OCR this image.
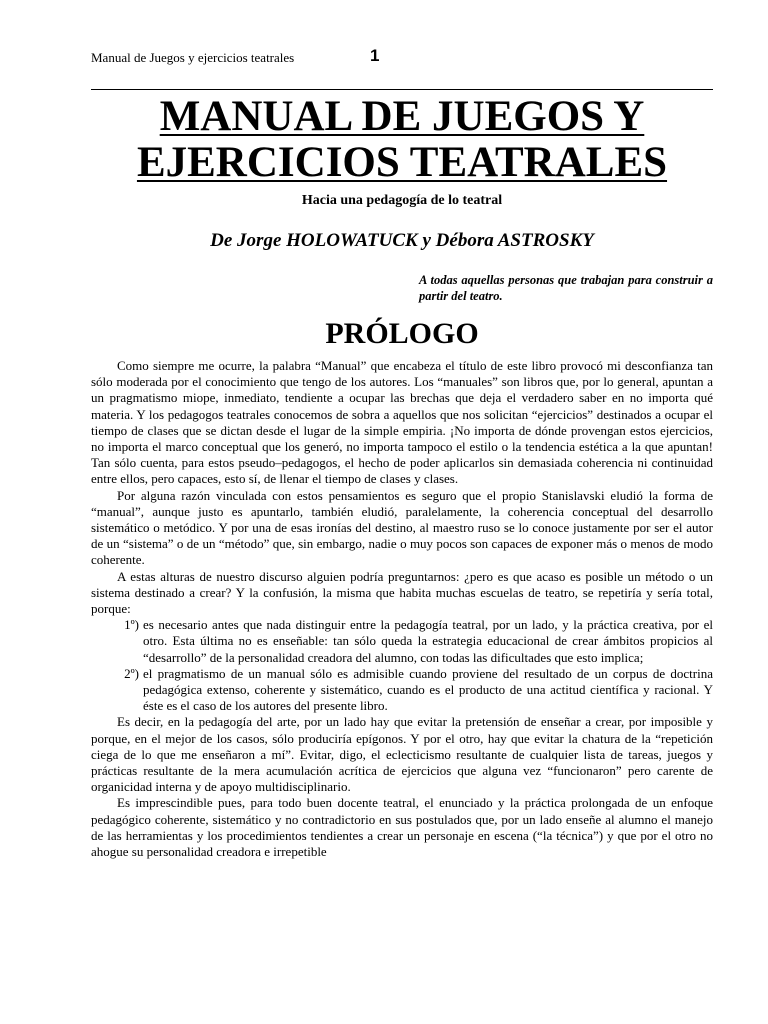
Manual de Juegos y ejercicios teatrales	1
MANUAL DE JUEGOS Y
EJERCICIOS TEATRALES
Hacia una pedagogía de lo teatral
De Jorge HOLOWATUCK y Débora ASTROSKY
A todas aquellas personas que trabajan para construir a partir del teatro.
PRÓLOGO

Como siempre me ocurre, la palabra “Manual” que encabeza el título de este libro provocó mi desconfianza tan sólo moderada por el conocimiento que tengo de los autores. Los “manuales” son libros que, por lo general, apuntan a un pragmatismo miope, inmediato, tendiente a ocupar las brechas que deja el verdadero saber en no importa qué materia. Y los pedagogos teatrales conocemos de sobra a aquellos que nos solicitan “ejercicios” destinados a ocupar el tiempo de clases que se dictan desde el lugar de la simple empiria. ¡No importa de dónde provengan estos ejercicios, no importa el marco conceptual que los generó, no importa tampoco el estilo o la tendencia estética a la que apuntan! Tan sólo cuenta, para estos pseudo–pedagogos, el hecho de poder aplicarlos sin demasiada coherencia ni continuidad entre ellos, pero capaces, esto sí, de llenar el tiempo de clases y clases.

Por alguna razón vinculada con estos pensamientos es seguro que el propio Stanislavski eludió la forma de “manual”, aunque justo es apuntarlo, también eludió, paralelamente, la coherencia conceptual del desarrollo sistemático o metódico. Y por una de esas ironías del destino, al maestro ruso se lo conoce justamente por ser el autor de un “sistema” o de un “método” que, sin embargo, nadie o muy pocos son capaces de exponer más o menos de modo coherente.

A estas alturas de nuestro discurso alguien podría preguntarnos: ¿pero es que acaso es posible un método o un sistema destinado a crear? Y la confusión, la misma que habita muchas escuelas de teatro, se repetiría y sería total, porque:

1º) es necesario antes que nada distinguir entre la pedagogía teatral, por un lado, y la práctica creativa, por el otro. Esta última no es enseñable: tan sólo queda la estrategia educacional de crear ámbitos propicios al “desarrollo” de la personalidad creadora del alumno, con todas las dificultades que esto implica;
2º) el pragmatismo de un manual sólo es admisible cuando proviene del resultado de un corpus de doctrina pedagógica extenso, coherente y sistemático, cuando es el producto de una actitud científica y racional. Y éste es el caso de los autores del presente libro.

Es decir, en la pedagogía del arte, por un lado hay que evitar la pretensión de enseñar a crear, por imposible y porque, en el mejor de los casos, sólo produciría epígonos. Y por el otro, hay que evitar la chatura de la “repetición ciega de lo que me enseñaron a mí”. Evitar, digo, el eclecticismo resultante de cualquier lista de tareas, juegos y prácticas resultante de la mera acumulación acrítica de ejercicios que alguna vez “funcionaron” pero carente de organicidad interna y de apoyo multidisciplinario.

Es imprescindible pues, para todo buen docente teatral, el enunciado y la práctica prolongada de un enfoque pedagógico coherente, sistemático y no contradictorio en sus postulados que, por un lado enseñe al alumno el manejo de las herramientas y los procedimientos tendientes a crear un personaje en escena (“la técnica”) y que por el otro no ahogue su personalidad creadora e irrepetible
